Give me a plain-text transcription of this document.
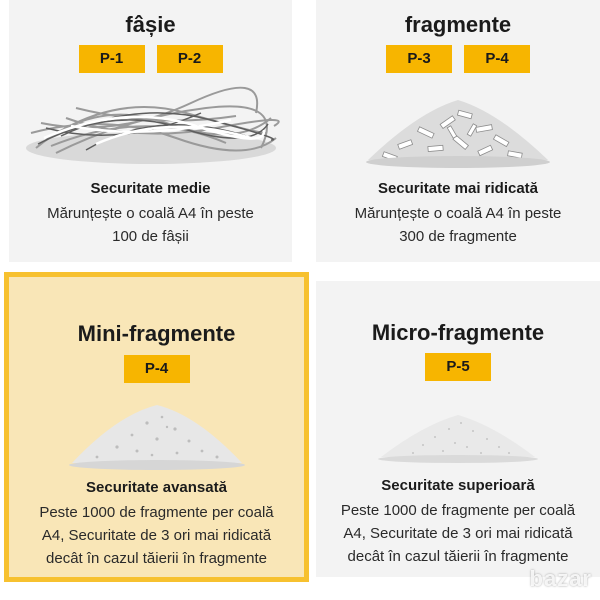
fâșie
P-1	P-2
Securitate medie
Mărunțește o coală A4 în peste
100 de fâșii
fragmente
P-3	P-4
Securitate mai ridicată
Mărunțește o coală A4 în peste
300 de fragmente
Mini-fragmente
P-4
Securitate avansată
Peste 1000 de fragmente per coală
A4, Securitate de 3 ori mai ridicată
decât în cazul tăierii în fragmente
Micro-fragmente
P-5
Securitate superioară
Peste 1000 de fragmente per coală
A4, Securitate de 3 ori mai ridicată
decât în cazul tăierii în fragmente
bazar
